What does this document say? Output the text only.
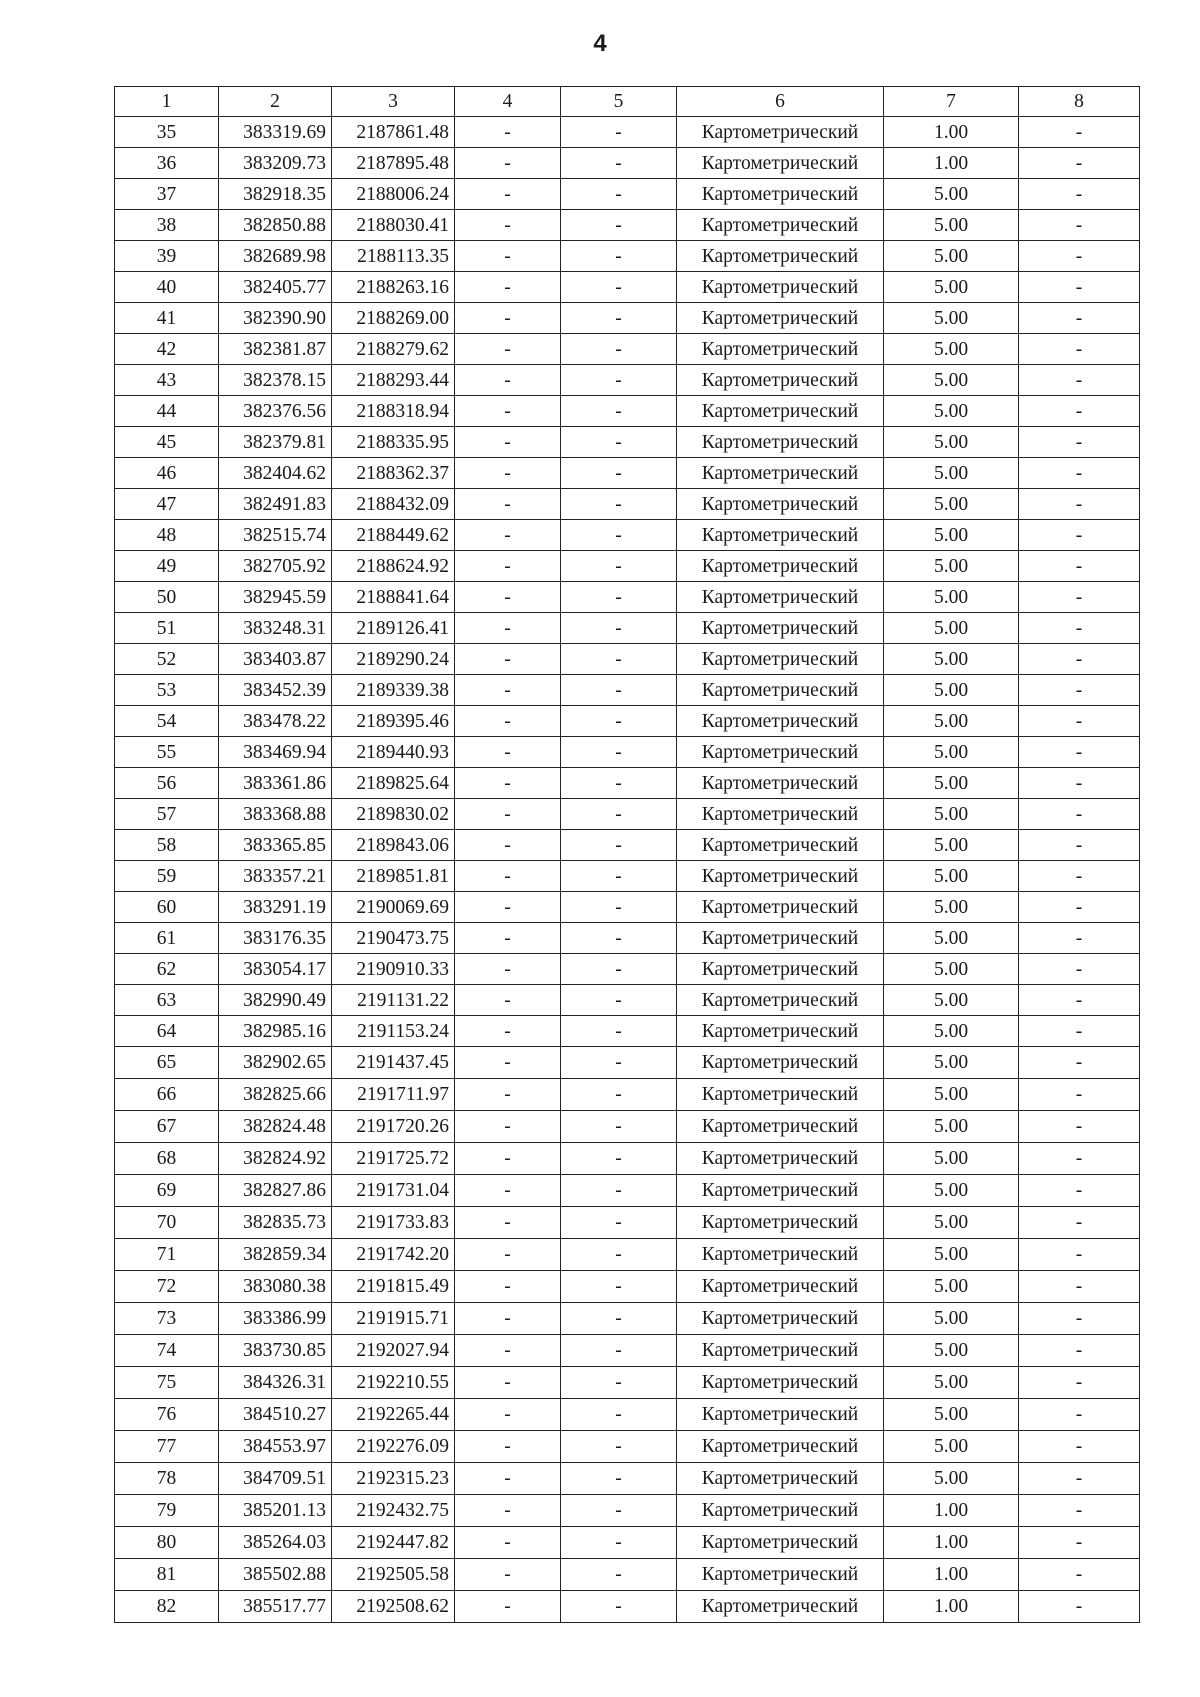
4
1	2	3	4	5	6	7	8
35	383319.69	2187861.48	-	-	Картометрический	1.00	-
36	383209.73	2187895.48	-	-	Картометрический	1.00	-
37	382918.35	2188006.24	-	-	Картометрический	5.00	-
38	382850.88	2188030.41	-	-	Картометрический	5.00	-
39	382689.98	2188113.35	-	-	Картометрический	5.00	-
40	382405.77	2188263.16	-	-	Картометрический	5.00	-
41	382390.90	2188269.00	-	-	Картометрический	5.00	-
42	382381.87	2188279.62	-	-	Картометрический	5.00	-
43	382378.15	2188293.44	-	-	Картометрический	5.00	-
44	382376.56	2188318.94	-	-	Картометрический	5.00	-
45	382379.81	2188335.95	-	-	Картометрический	5.00	-
46	382404.62	2188362.37	-	-	Картометрический	5.00	-
47	382491.83	2188432.09	-	-	Картометрический	5.00	-
48	382515.74	2188449.62	-	-	Картометрический	5.00	-
49	382705.92	2188624.92	-	-	Картометрический	5.00	-
50	382945.59	2188841.64	-	-	Картометрический	5.00	-
51	383248.31	2189126.41	-	-	Картометрический	5.00	-
52	383403.87	2189290.24	-	-	Картометрический	5.00	-
53	383452.39	2189339.38	-	-	Картометрический	5.00	-
54	383478.22	2189395.46	-	-	Картометрический	5.00	-
55	383469.94	2189440.93	-	-	Картометрический	5.00	-
56	383361.86	2189825.64	-	-	Картометрический	5.00	-
57	383368.88	2189830.02	-	-	Картометрический	5.00	-
58	383365.85	2189843.06	-	-	Картометрический	5.00	-
59	383357.21	2189851.81	-	-	Картометрический	5.00	-
60	383291.19	2190069.69	-	-	Картометрический	5.00	-
61	383176.35	2190473.75	-	-	Картометрический	5.00	-
62	383054.17	2190910.33	-	-	Картометрический	5.00	-
63	382990.49	2191131.22	-	-	Картометрический	5.00	-
64	382985.16	2191153.24	-	-	Картометрический	5.00	-
65	382902.65	2191437.45	-	-	Картометрический	5.00	-
66	382825.66	2191711.97	-	-	Картометрический	5.00	-
67	382824.48	2191720.26	-	-	Картометрический	5.00	-
68	382824.92	2191725.72	-	-	Картометрический	5.00	-
69	382827.86	2191731.04	-	-	Картометрический	5.00	-
70	382835.73	2191733.83	-	-	Картометрический	5.00	-
71	382859.34	2191742.20	-	-	Картометрический	5.00	-
72	383080.38	2191815.49	-	-	Картометрический	5.00	-
73	383386.99	2191915.71	-	-	Картометрический	5.00	-
74	383730.85	2192027.94	-	-	Картометрический	5.00	-
75	384326.31	2192210.55	-	-	Картометрический	5.00	-
76	384510.27	2192265.44	-	-	Картометрический	5.00	-
77	384553.97	2192276.09	-	-	Картометрический	5.00	-
78	384709.51	2192315.23	-	-	Картометрический	5.00	-
79	385201.13	2192432.75	-	-	Картометрический	1.00	-
80	385264.03	2192447.82	-	-	Картометрический	1.00	-
81	385502.88	2192505.58	-	-	Картометрический	1.00	-
82	385517.77	2192508.62	-	-	Картометрический	1.00	-
